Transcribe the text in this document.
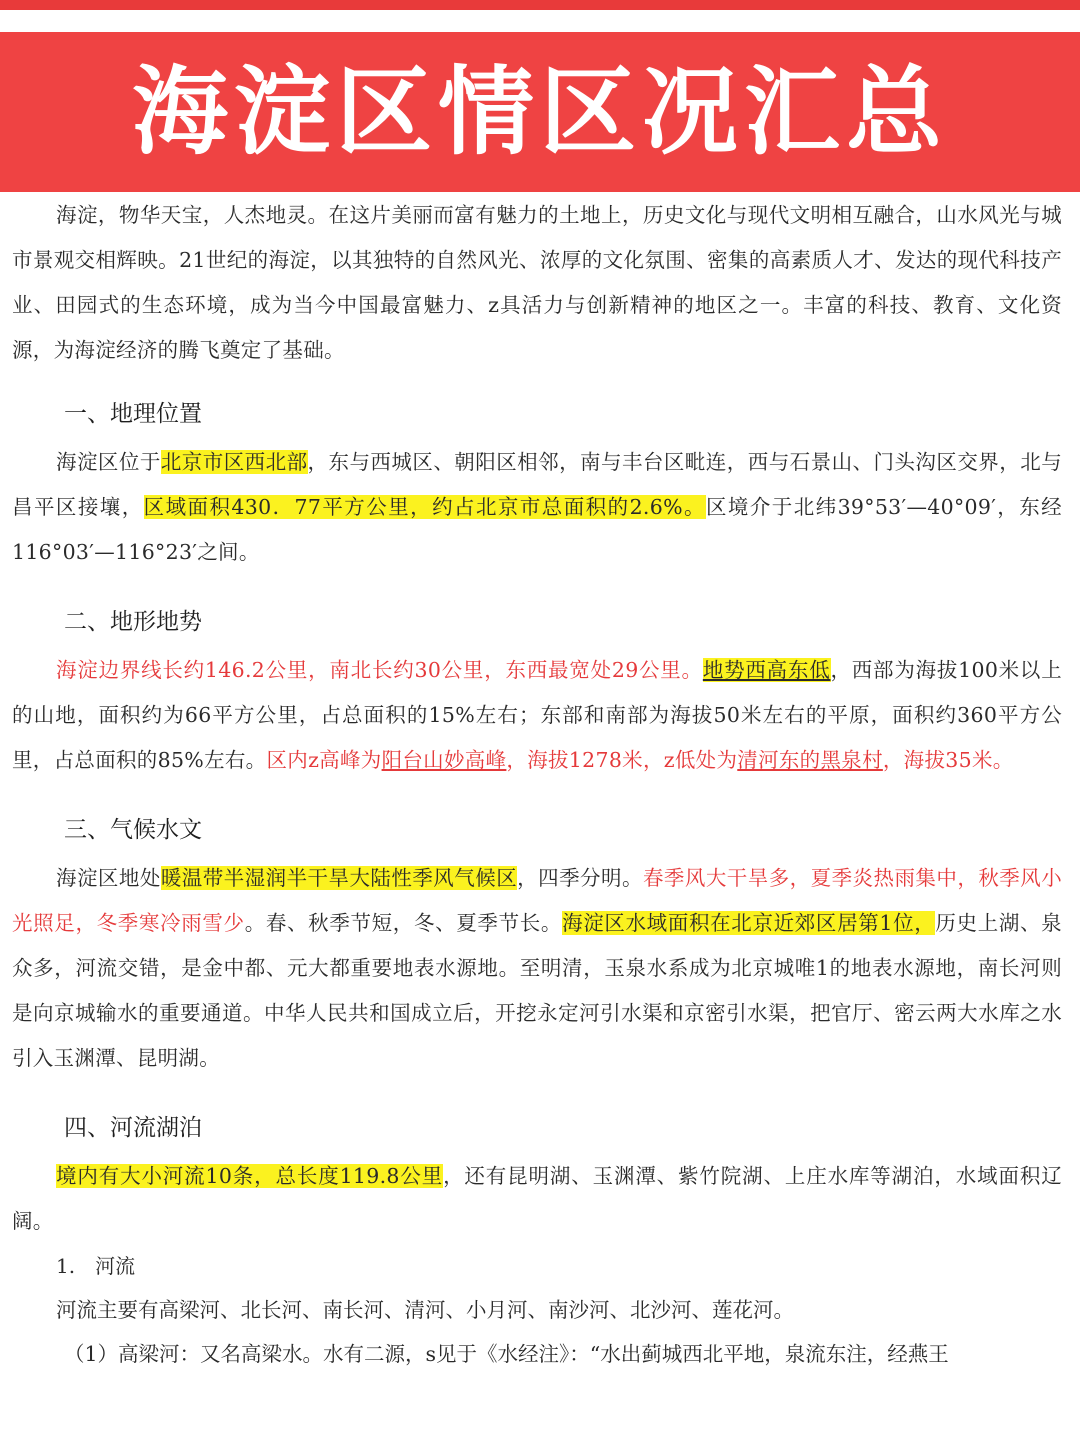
海淀区情区况汇总

海淀，物华天宝，人杰地灵。在这片美丽而富有魅力的土地上，历史文化与现代文明相互融合，山水风光与城市景观交相辉映。21世纪的海淀，以其独特的自然风光、浓厚的文化氛围、密集的高素质人才、发达的现代科技产业、田园式的生态环境，成为当今中国最富魅力、z具活力与创新精神的地区之一。丰富的科技、教育、文化资源，为海淀经济的腾飞奠定了基础。

一、地理位置

海淀区位于北京市区西北部，东与西城区、朝阳区相邻，南与丰台区毗连，西与石景山、门头沟区交界，北与昌平区接壤，区域面积430．77平方公里，约占北京市总面积的2.6%。区境介于北纬39°53′—40°09′，东经116°03′—116°23′之间。

二、地形地势

海淀边界线长约146.2公里，南北长约30公里，东西最宽处29公里。地势西高东低，西部为海拔100米以上的山地，面积约为66平方公里，占总面积的15%左右；东部和南部为海拔50米左右的平原，面积约360平方公里，占总面积的85%左右。区内z高峰为阳台山妙高峰，海拔1278米，z低处为清河东的黑泉村，海拔35米。

三、气候水文

海淀区地处暖温带半湿润半干旱大陆性季风气候区，四季分明。春季风大干旱多，夏季炎热雨集中，秋季风小光照足，冬季寒冷雨雪少。春、秋季节短，冬、夏季节长。海淀区水域面积在北京近郊区居第1位，历史上湖、泉众多，河流交错，是金中都、元大都重要地表水源地。至明清，玉泉水系成为北京城唯1的地表水源地，南长河则是向京城输水的重要通道。中华人民共和国成立后，开挖永定河引水渠和京密引水渠，把官厅、密云两大水库之水引入玉渊潭、昆明湖。

四、河流湖泊

境内有大小河流10条，总长度119.8公里，还有昆明湖、玉渊潭、紫竹院湖、上庄水库等湖泊，水域面积辽阔。

1.　河流

河流主要有高梁河、北长河、南长河、清河、小月河、南沙河、北沙河、莲花河。

（1）高梁河：又名高梁水。水有二源，s见于《水经注》：“水出蓟城西北平地，泉流东注，经燕王
